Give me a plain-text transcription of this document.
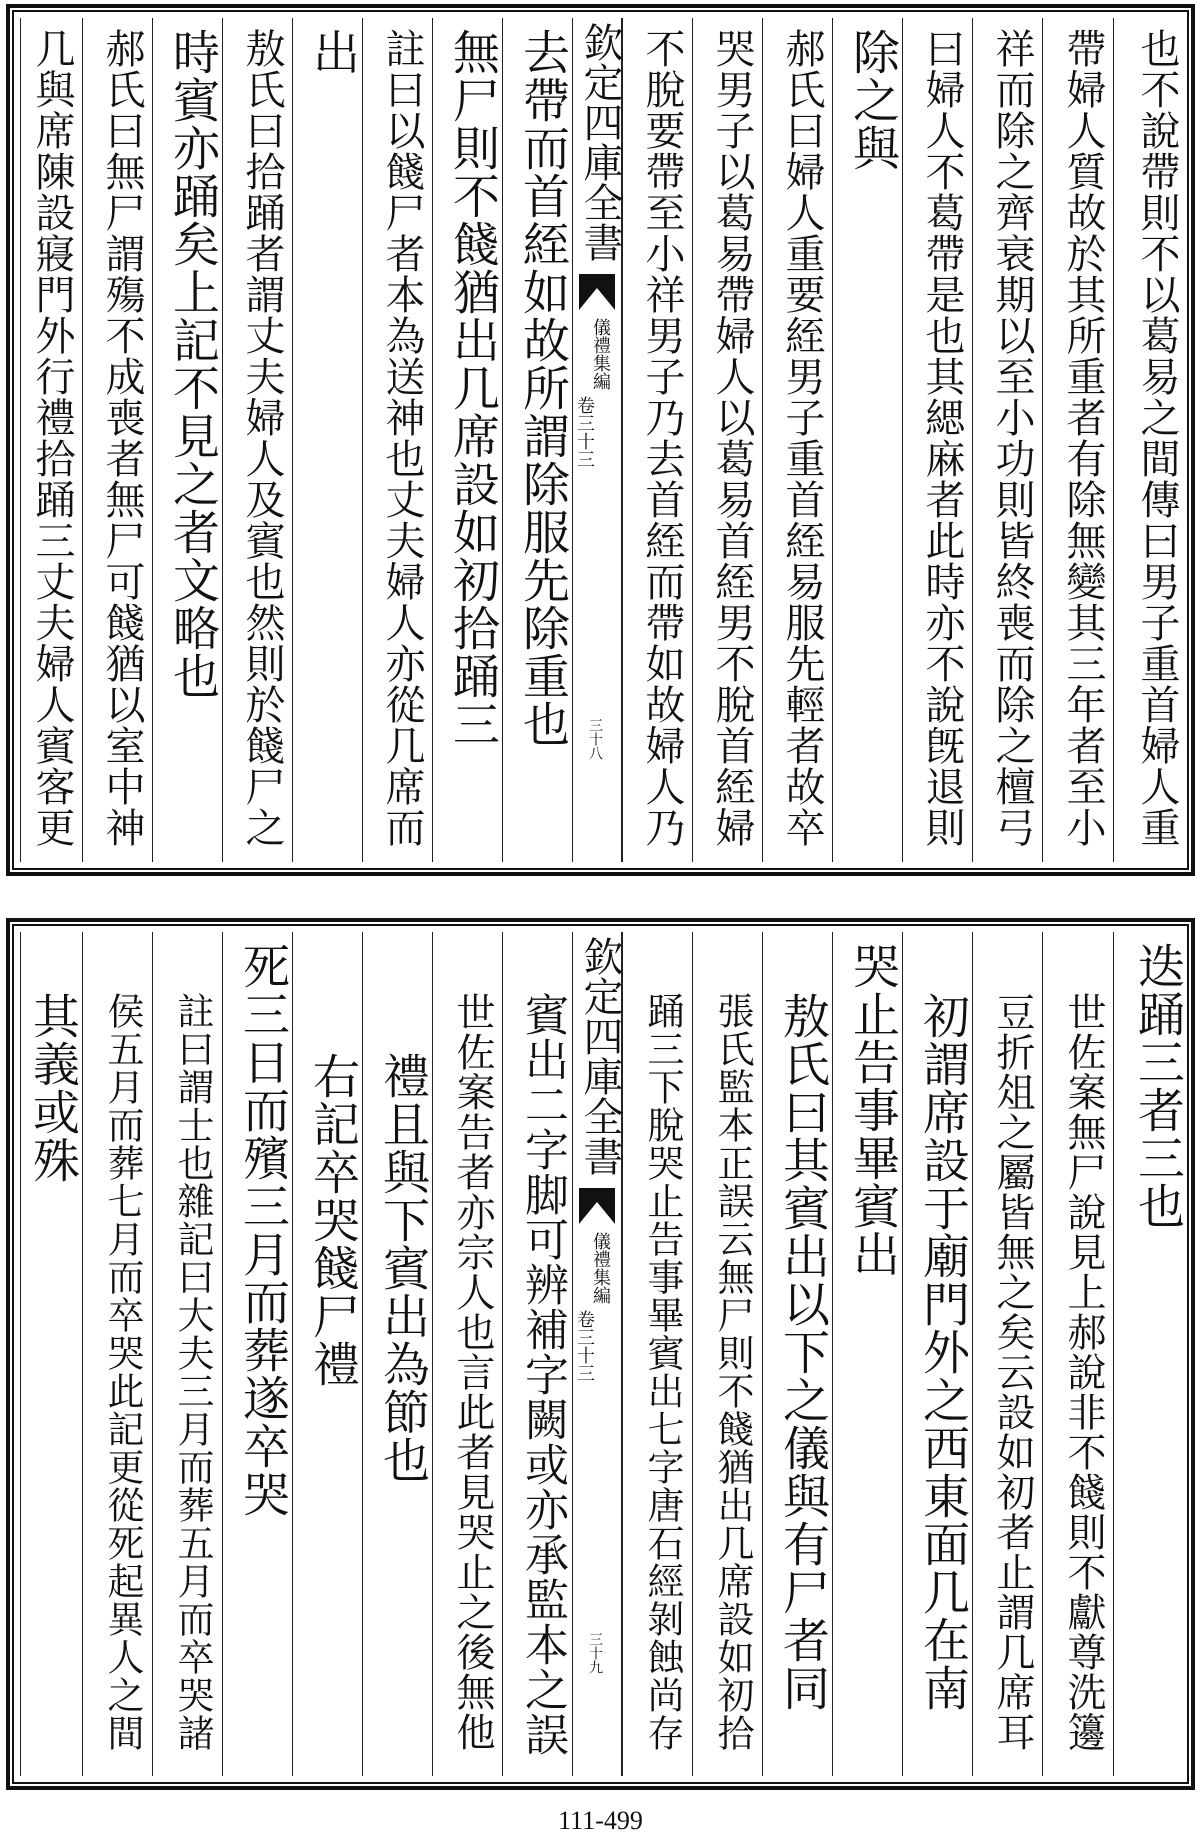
也不說帶則不以葛易之間傳曰男子重首婦人重
帶婦人質故於其所重者有除無變其三年者至小
祥而除之齊衰期以至小功則皆終喪而除之檀弓
曰婦人不葛帶是也其緦麻者此時亦不說旣退則
除之與
郝氏曰婦人重要絰男子重首絰易服先輕者故卒
哭男子以葛易帶婦人以葛易首絰男不脫首絰婦
不脫要帶至小祥男子乃去首絰而帶如故婦人乃
欽定四庫全書
儀禮集編
卷三十三
三十八
去帶而首絰如故所謂除服先除重也
無尸則不餞猶出几席設如初拾踊三
註曰以餞尸者本為送神也丈夫婦人亦從几席而
出
敖氏曰拾踊者謂丈夫婦人及賓也然則於餞尸之
時賓亦踊矣上記不見之者文略也
郝氏曰無尸謂殤不成喪者無尸可餞猶以室中神
几與席陳設寢門外行禮拾踊三丈夫婦人賓客更
迭踊三者三也
世佐案無尸說見上郝說非不餞則不獻尊洗籩
豆折俎之屬皆無之矣云設如初者止謂几席耳
初謂席設于廟門外之西東面几在南
哭止告事畢賓出
敖氏曰其賓出以下之儀與有尸者同
張氏監本正誤云無尸則不餞猶出几席設如初拾
踊三下脫哭止告事畢賓出七字唐石經剝蝕尚存
欽定四庫全書
儀禮集編
卷三十三
三十九
賓出二字脚可辨補字闕或亦承監本之誤
世佐案告者亦宗人也言此者見哭止之後無他
禮且與下賓出為節也
右記卒哭餞尸禮
死三日而殯三月而葬遂卒哭
註曰謂士也雜記曰大夫三月而葬五月而卒哭諸
侯五月而葬七月而卒哭此記更從死起異人之間
其義或殊
111-499
